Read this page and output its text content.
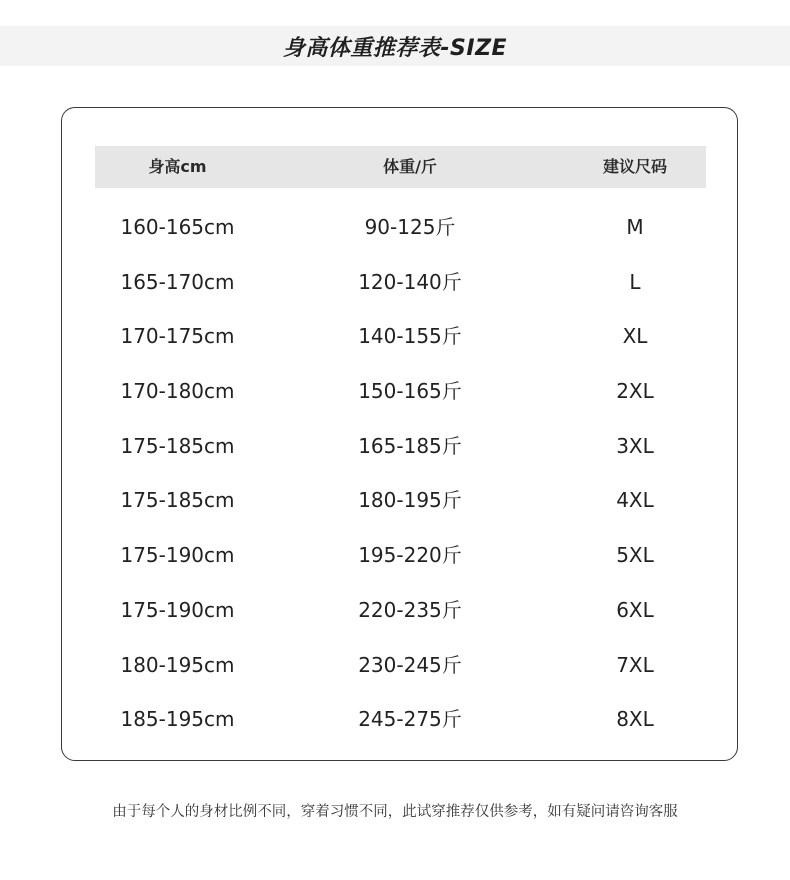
身高体重推荐表-SIZE
身高cm	体重/斤	建议尺码
160-165cm	90-125斤	M
165-170cm	120-140斤	L
170-175cm	140-155斤	XL
170-180cm	150-165斤	2XL
175-185cm	165-185斤	3XL
175-185cm	180-195斤	4XL
175-190cm	195-220斤	5XL
175-190cm	220-235斤	6XL
180-195cm	230-245斤	7XL
185-195cm	245-275斤	8XL
由于每个人的身材比例不同，穿着习惯不同，此试穿推荐仅供参考，如有疑问请咨询客服
